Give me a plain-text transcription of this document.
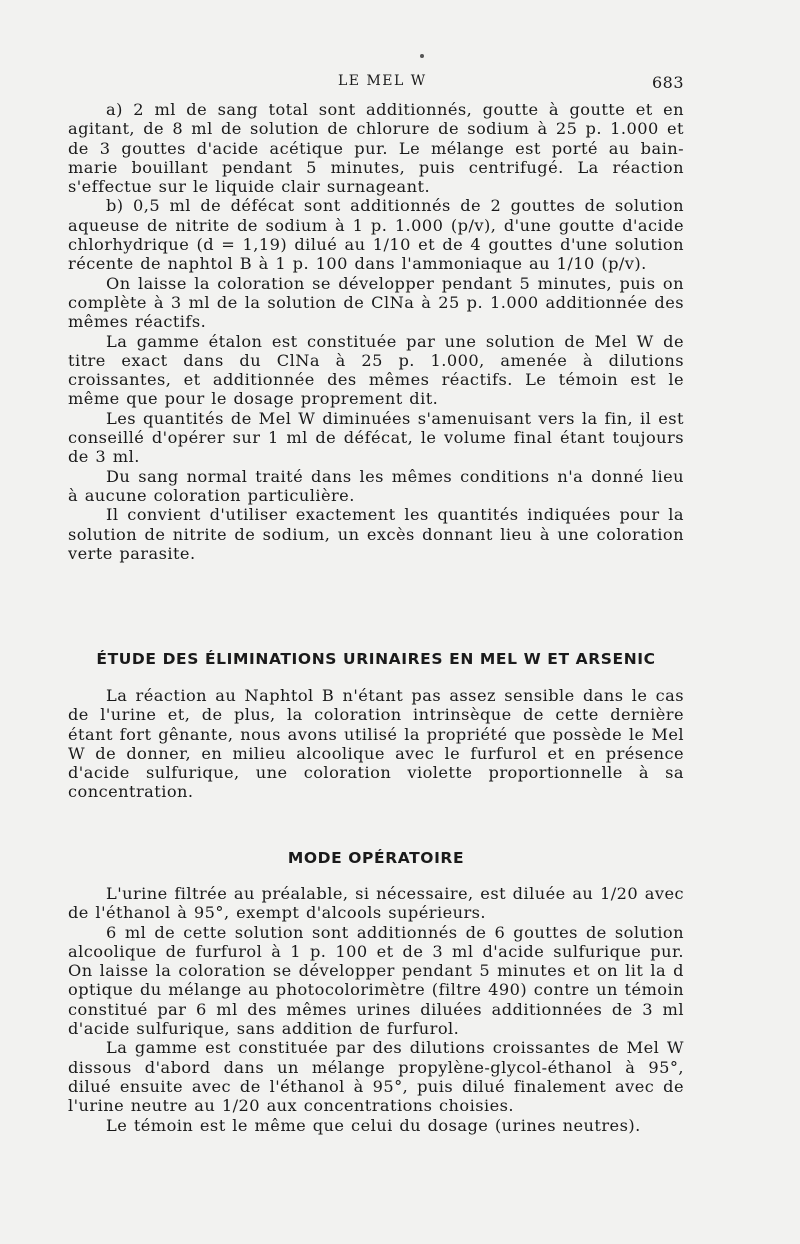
LE MEL W	683

a) 2 ml de sang total sont additionnés, goutte à goutte et en agitant, de 8 ml de solution de chlorure de sodium à 25 p. 1.000 et de 3 gouttes d'acide acétique pur. Le mélange est porté au bain-marie bouillant pendant 5 minutes, puis centrifugé. La réaction s'effectue sur le liquide clair surnageant.

b) 0,5 ml de défécat sont additionnés de 2 gouttes de solution aqueuse de nitrite de sodium à 1 p. 1.000 (p/v), d'une goutte d'acide chlorhydrique (d = 1,19) dilué au 1/10 et de 4 gouttes d'une solution récente de naphtol B à 1 p. 100 dans l'ammoniaque au 1/10 (p/v).

On laisse la coloration se développer pendant 5 minutes, puis on complète à 3 ml de la solution de ClNa à 25 p. 1.000 additionnée des mêmes réactifs.

La gamme étalon est constituée par une solution de Mel W de titre exact dans du ClNa à 25 p. 1.000, amenée à dilutions croissantes, et additionnée des mêmes réactifs. Le témoin est le même que pour le dosage proprement dit.

Les quantités de Mel W diminuées s'amenuisant vers la fin, il est conseillé d'opérer sur 1 ml de défécat, le volume final étant toujours de 3 ml.

Du sang normal traité dans les mêmes conditions n'a donné lieu à aucune coloration particulière.

Il convient d'utiliser exactement les quantités indiquées pour la solution de nitrite de sodium, un excès donnant lieu à une coloration verte parasite.

ÉTUDE DES ÉLIMINATIONS URINAIRES EN MEL W ET ARSENIC

La réaction au Naphtol B n'étant pas assez sensible dans le cas de l'urine et, de plus, la coloration intrinsèque de cette dernière étant fort gênante, nous avons utilisé la propriété que possède le Mel W de donner, en milieu alcoolique avec le furfurol et en présence d'acide sulfurique, une coloration violette proportionnelle à sa concentration.

MODE OPÉRATOIRE

L'urine filtrée au préalable, si nécessaire, est diluée au 1/20 avec de l'éthanol à 95°, exempt d'alcools supérieurs.

6 ml de cette solution sont additionnés de 6 gouttes de solution alcoolique de furfurol à 1 p. 100 et de 3 ml d'acide sulfurique pur. On laisse la coloration se développer pendant 5 minutes et on lit la d optique du mélange au photocolorimètre (filtre 490) contre un témoin constitué par 6 ml des mêmes urines diluées additionnées de 3 ml d'acide sulfurique, sans addition de furfurol.

La gamme est constituée par des dilutions croissantes de Mel W dissous d'abord dans un mélange propylène-glycol-éthanol à 95°, dilué ensuite avec de l'éthanol à 95°, puis dilué finalement avec de l'urine neutre au 1/20 aux concentrations choisies.

Le témoin est le même que celui du dosage (urines neutres).
